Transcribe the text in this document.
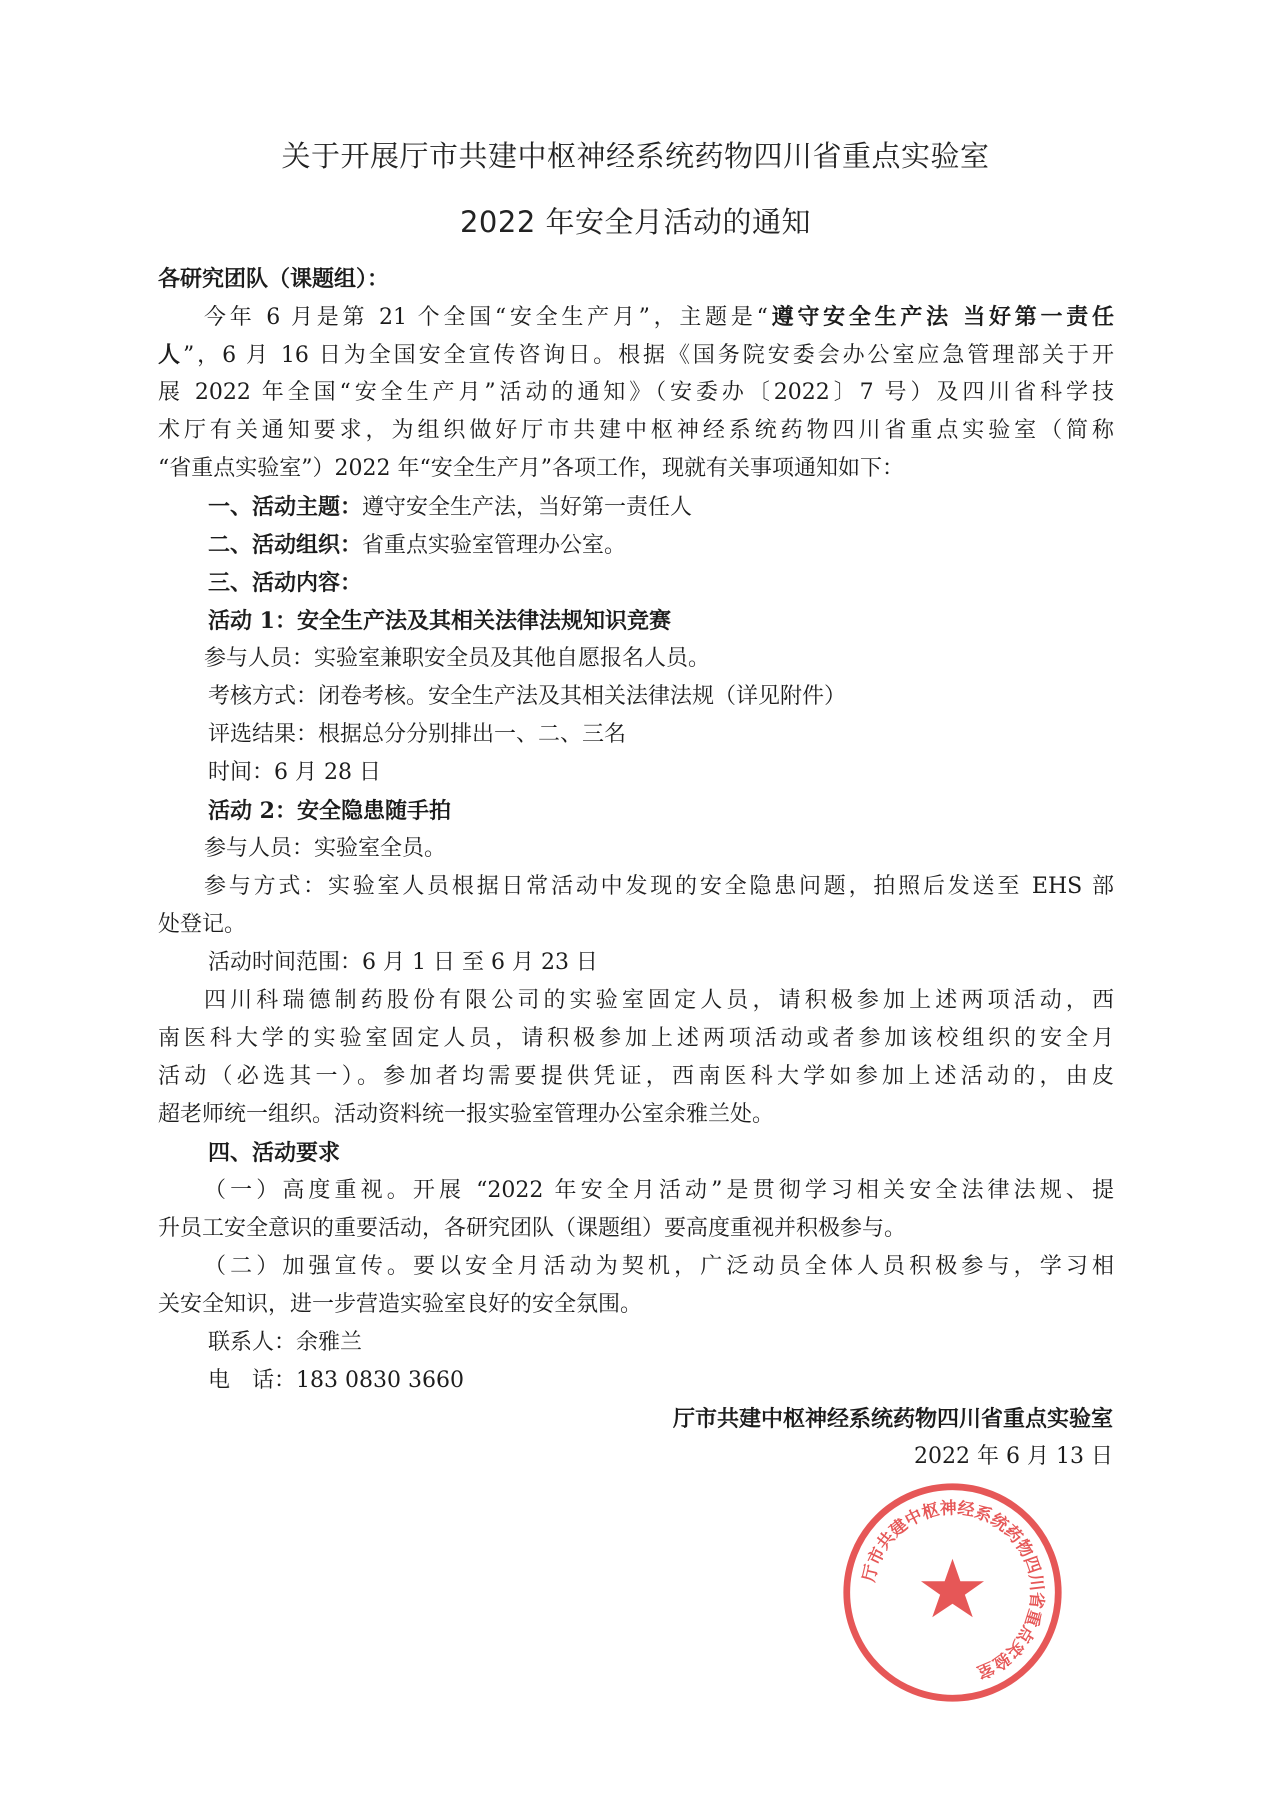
关于开展厅市共建中枢神经系统药物四川省重点实验室
2022 年安全月活动的通知
各研究团队（课题组）：
今年 6 月是第 21 个全国“安全生产月”，主题是“遵守安全生产法 当好第一责任
人”，6 月 16 日为全国安全宣传咨询日。根据《国务院安委会办公室应急管理部关于开
展 2022 年全国“安全生产月”活动的通知》（安委办〔2022〕7 号）及四川省科学技
术厅有关通知要求，为组织做好厅市共建中枢神经系统药物四川省重点实验室（简称
“省重点实验室”）2022 年“安全生产月”各项工作，现就有关事项通知如下：
一、活动主题：遵守安全生产法，当好第一责任人
二、活动组织：省重点实验室管理办公室。
三、活动内容：
活动 1：安全生产法及其相关法律法规知识竞赛
参与人员：实验室兼职安全员及其他自愿报名人员。
考核方式：闭卷考核。安全生产法及其相关法律法规（详见附件）
评选结果：根据总分分别排出一、二、三名
时间：6 月 28 日
活动 2：安全隐患随手拍
参与人员：实验室全员。
参与方式：实验室人员根据日常活动中发现的安全隐患问题，拍照后发送至 EHS 部
处登记。
活动时间范围：6 月 1 日 至 6 月 23 日
四川科瑞德制药股份有限公司的实验室固定人员，请积极参加上述两项活动，西
南医科大学的实验室固定人员，请积极参加上述两项活动或者参加该校组织的安全月
活动（必选其一）。参加者均需要提供凭证，西南医科大学如参加上述活动的，由皮
超老师统一组织。活动资料统一报实验室管理办公室余雅兰处。
四、活动要求
（一）高度重视。开展 “2022 年安全月活动”是贯彻学习相关安全法律法规、提
升员工安全意识的重要活动，各研究团队（课题组）要高度重视并积极参与。
（二）加强宣传。要以安全月活动为契机，广泛动员全体人员积极参与，学习相
关安全知识，进一步营造实验室良好的安全氛围。
联系人：余雅兰
电　话：183 0830 3660
厅市共建中枢神经系统药物四川省重点实验室
厅市共建中枢神经系统药物四川省重点实验室
2022 年 6 月 13 日
